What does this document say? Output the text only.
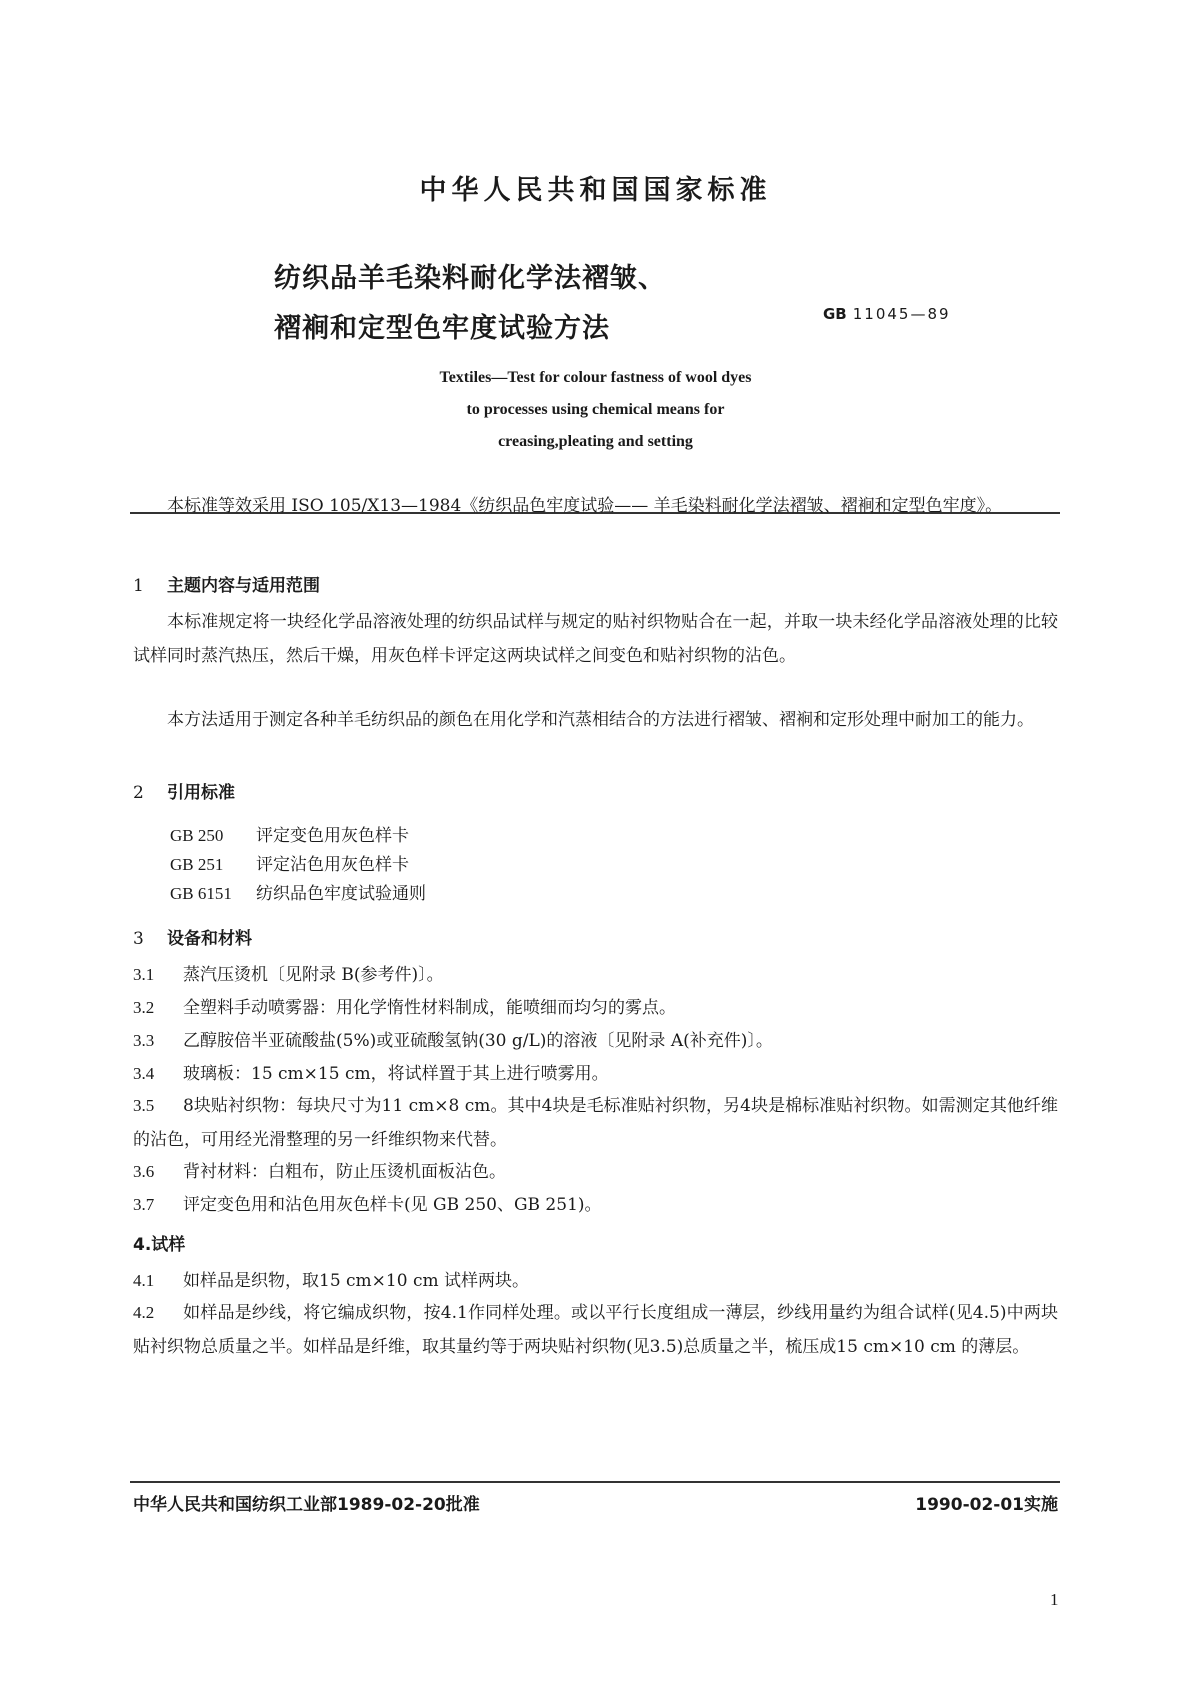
中华人民共和国国家标准
纺织品羊毛染料耐化学法褶皱、
褶裥和定型色牢度试验方法	GB 11045—89
Textiles—Test for colour fastness of wool dyes
to processes using chemical means for
creasing,pleating and setting
本标准等效采用 ISO 105/X13—1984《纺织品色牢度试验—— 羊毛染料耐化学法褶皱、褶裥和定型色牢度》。
1 主题内容与适用范围
本标准规定将一块经化学品溶液处理的纺织品试样与规定的贴衬织物贴合在一起，并取一块未经化学品溶液处理的比较试样同时蒸汽热压，然后干燥，用灰色样卡评定这两块试样之间变色和贴衬织物的沾色。
本方法适用于测定各种羊毛纺织品的颜色在用化学和汽蒸相结合的方法进行褶皱、褶裥和定形处理中耐加工的能力。
2 引用标准
GB 250 评定变色用灰色样卡
GB 251 评定沾色用灰色样卡
GB 6151 纺织品色牢度试验通则
3 设备和材料
3.1 蒸汽压烫机〔见附录 B(参考件)〕。
3.2 全塑料手动喷雾器：用化学惰性材料制成，能喷细而均匀的雾点。
3.3 乙醇胺倍半亚硫酸盐(5%)或亚硫酸氢钠(30 g/L)的溶液〔见附录 A(补充件)〕。
3.4 玻璃板：15 cm×15 cm，将试样置于其上进行喷雾用。
3.5 8块贴衬织物：每块尺寸为11 cm×8 cm。其中4块是毛标准贴衬织物，另4块是棉标准贴衬织物。如需测定其他纤维的沾色，可用经光滑整理的另一纤维织物来代替。
3.6 背衬材料：白粗布，防止压烫机面板沾色。
3.7 评定变色用和沾色用灰色样卡(见 GB 250、GB 251)。
4.试样
4.1 如样品是织物，取15 cm×10 cm 试样两块。
4.2 如样品是纱线，将它编成织物，按4.1作同样处理。或以平行长度组成一薄层，纱线用量约为组合试样(见4.5)中两块贴衬织物总质量之半。如样品是纤维，取其量约等于两块贴衬织物(见3.5)总质量之半，梳压成15 cm×10 cm 的薄层。
中华人民共和国纺织工业部1989-02-20批准	1990-02-01实施
1
